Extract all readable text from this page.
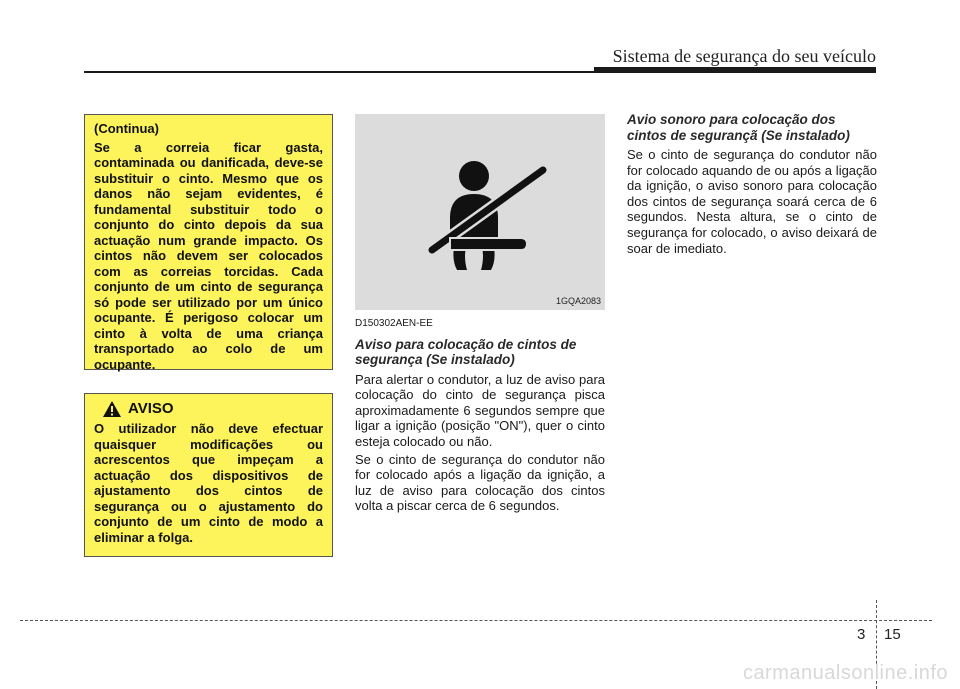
Sistema de segurança do seu veículo

(Continua)

Se a correia ficar gasta, contaminada ou danificada, deve-se substituir o cinto. Mesmo que os danos não sejam evidentes, é fundamental substituir todo o conjunto do cinto depois da sua actuação num grande impacto. Os cintos não devem ser colocados com as correias torcidas. Cada conjunto de um cinto de segurança só pode ser utilizado por um único ocupante. É perigoso colocar um cinto à volta de uma criança transportado ao colo de um ocupante.

AVISO

O utilizador não deve efectuar quaisquer modificações ou acrescentos que impeçam a actuação dos dispositivos de ajustamento dos cintos de segurança ou o ajustamento do conjunto de um cinto de modo a eliminar a folga.

1GQA2083

D150302AEN-EE

Aviso para colocação de cintos de segurança (Se instalado)

Para alertar o condutor, a luz de aviso para colocação do cinto de segurança pisca aproximadamente 6 segundos sempre que ligar a ignição (posição "ON"), quer o cinto esteja colocado ou não.

Se o cinto de segurança do condutor não for colocado após a ligação da ignição, a luz de aviso para colocação dos cintos volta a piscar cerca de 6 segundos.

Avio sonoro para colocação dos cintos de segurançã (Se instalado)

Se o cinto de segurança do condutor não for colocado aquando de ou após a ligação da ignição, o aviso sonoro para colocação dos cintos de segurança soará cerca de 6 segundos. Nesta altura, se o cinto de segurança for colocado, o aviso deixará de soar de imediato.

3 15
carmanualsonline.info
